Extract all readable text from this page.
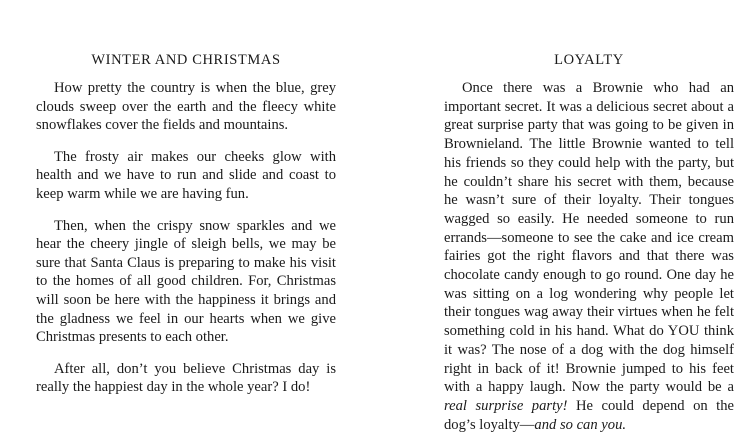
WINTER AND CHRISTMAS

How pretty the country is when the blue, grey clouds sweep over the earth and the fleecy white snowflakes cover the fields and mountains.

The frosty air makes our cheeks glow with health and we have to run and slide and coast to keep warm while we are having fun.

Then, when the crispy snow sparkles and we hear the cheery jingle of sleigh bells, we may be sure that Santa Claus is preparing to make his visit to the homes of all good children. For, Christmas will soon be here with the happiness it brings and the gladness we feel in our hearts when we give Christmas presents to each other.

After all, don’t you believe Christmas day is really the happiest day in the whole year? I do!

LOYALTY

Once there was a Brownie who had an important secret. It was a delicious secret about a great surprise party that was going to be given in Brownieland. The little Brownie wanted to tell his friends so they could help with the party, but he couldn’t share his secret with them, because he wasn’t sure of their loyalty. Their tongues wagged so easily. He needed someone to run errands—someone to see the cake and ice cream fairies got the right flavors and that there was chocolate candy enough to go round. One day he was sitting on a log wondering why people let their tongues wag away their virtues when he felt something cold in his hand. What do YOU think it was? The nose of a dog with the dog himself right in back of it! Brownie jumped to his feet with a happy laugh. Now the party would be a real surprise party! He could depend on the dog’s loyalty—and so can you.
